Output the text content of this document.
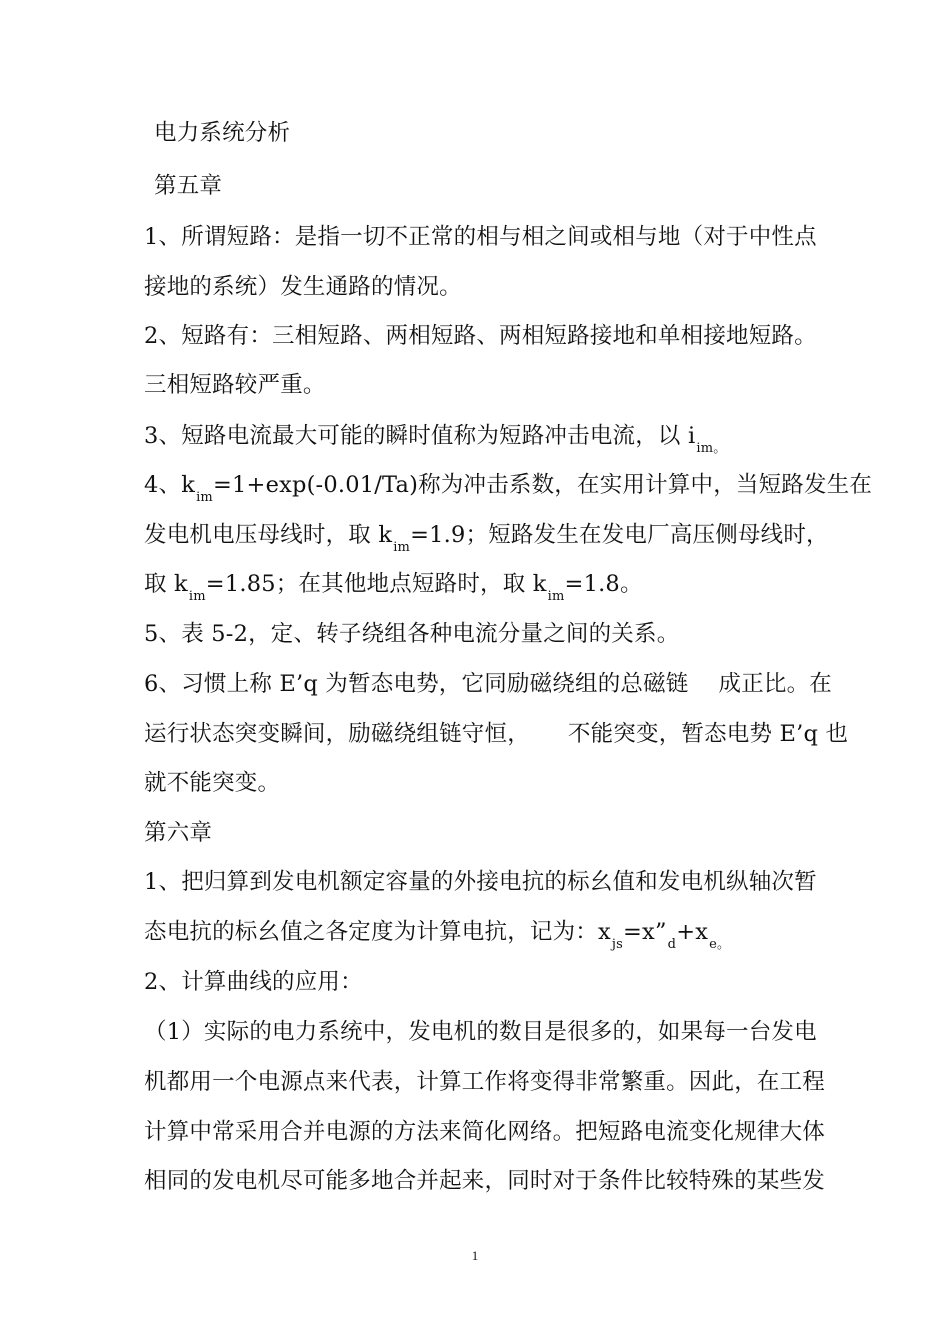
电力系统分析
第五章
1、所谓短路：是指一切不正常的相与相之间或相与地（对于中性点
接地的系统）发生通路的情况。
2、短路有：三相短路、两相短路、两相短路接地和单相接地短路。
三相短路较严重。
3、短路电流最大可能的瞬时值称为短路冲击电流，以 $i_{im。}$
4、$k_{im}=1+\exp(-0.01/Ta)$称为冲击系数，在实用计算中，当短路发生在
发电机电压母线时，取 $k_{im}=1.9$；短路发生在发电厂高压侧母线时，
取 $k_{im}=1.85$；在其他地点短路时，取 $k_{im}=1.8$。
5、表 5-2，定、转子绕组各种电流分量之间的关系。
6、习惯上称 E’q 为暂态电势，它同励磁绕组的总磁链 成正比。在
运行状态突变瞬间，励磁绕组链守恒， 不能突变，暂态电势 E’q 也
就不能突变。
第六章
1、把归算到发电机额定容量的外接电抗的标幺值和发电机纵轴次暂
态电抗的标幺值之各定度为计算电抗，记为：$x_{js}=x”_d+x_{e。}$
2、计算曲线的应用：
（1）实际的电力系统中，发电机的数目是很多的，如果每一台发电
机都用一个电源点来代表，计算工作将变得非常繁重。因此，在工程
计算中常采用合并电源的方法来简化网络。把短路电流变化规律大体
相同的发电机尽可能多地合并起来，同时对于条件比较特殊的某些发
1
